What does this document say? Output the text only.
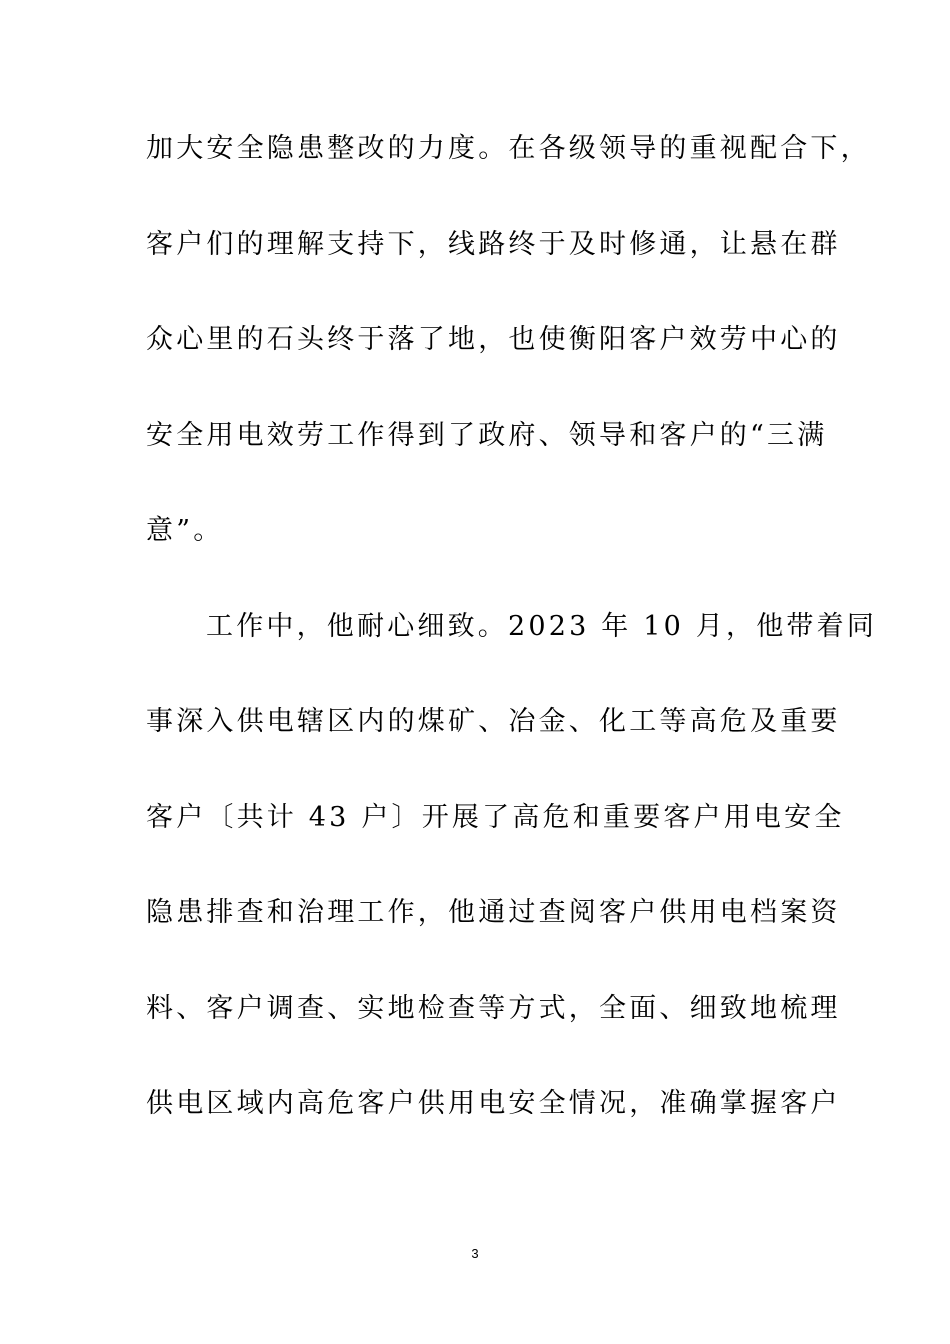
加大安全隐患整改的力度。在各级领导的重视配合下，
客户们的理解支持下，线路终于及时修通，让悬在群
众心里的石头终于落了地，也使衡阳客户效劳中心的
安全用电效劳工作得到了政府、领导和客户的“三满
意”。
工作中，他耐心细致。2023 年 10 月，他带着同
事深入供电辖区内的煤矿、冶金、化工等高危及重要
客户〔共计 43 户〕开展了高危和重要客户用电安全
隐患排查和治理工作，他通过查阅客户供用电档案资
料、客户调查、实地检查等方式，全面、细致地梳理
供电区域内高危客户供用电安全情况，准确掌握客户
3
